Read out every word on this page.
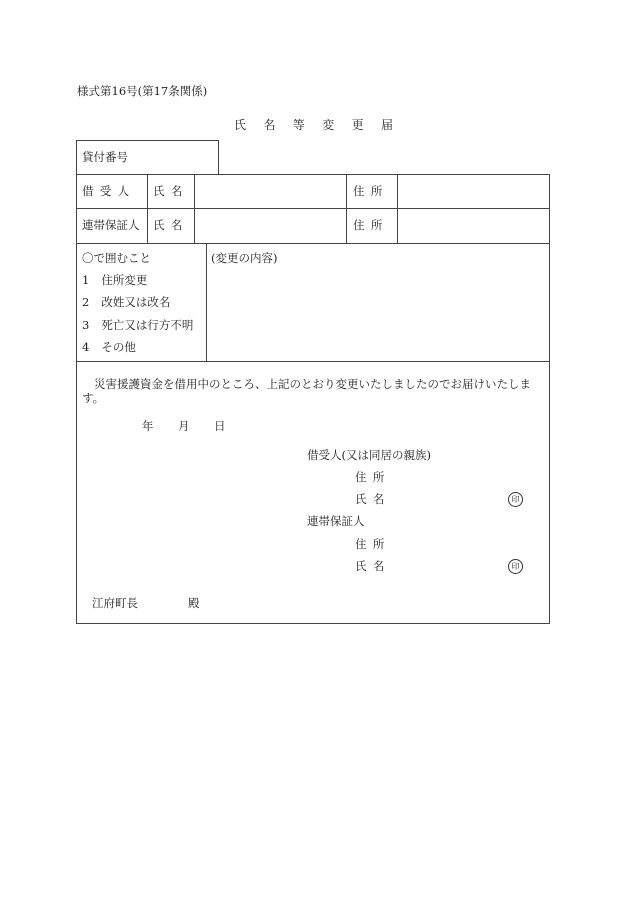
様式第16号(第17条関係)
氏名等変更届
貸付番号
借受人 氏名	住所
連帯保証人 氏名	住所
〇で囲むこと
1 住所変更
2 改姓又は改名
3 死亡又は行方不明
4 その他
(変更の内容)
災害援護資金を借用中のところ、上記のとおり変更いたしましたのでお届けいたします。
年 月 日
借受人(又は同居の親族)
住所
氏名	印
連帯保証人
住所
氏名	印
江府町長	殿
